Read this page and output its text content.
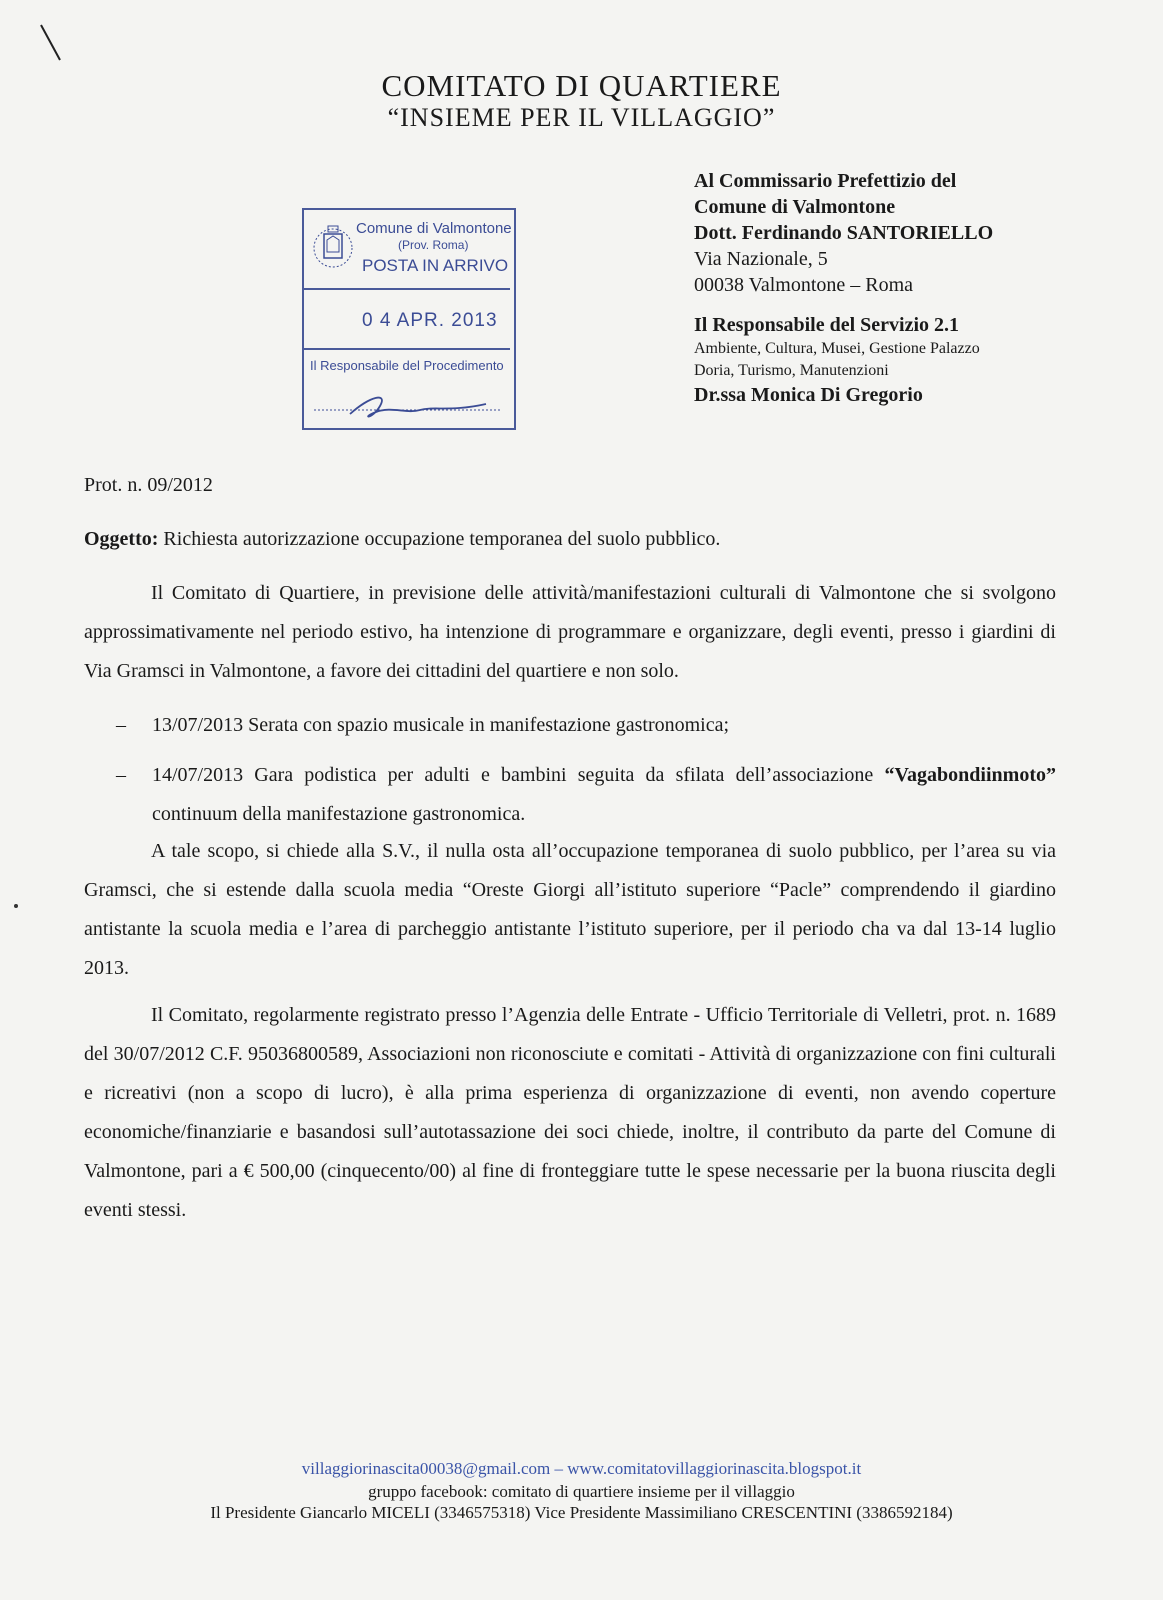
COMITATO DI QUARTIERE
“INSIEME PER IL VILLAGGIO”
Comune di Valmontone
(Prov. Roma)
POSTA IN ARRIVO
0 4 APR. 2013
Il Responsabile del Procedimento
Al Commissario Prefettizio del
Comune di Valmontone
Dott. Ferdinando SANTORIELLO
Via Nazionale, 5
00038 Valmontone – Roma
Il Responsabile del Servizio 2.1
Ambiente, Cultura, Musei, Gestione Palazzo
Doria, Turismo, Manutenzioni
Dr.ssa Monica Di Gregorio
Prot. n. 09/2012
Oggetto: Richiesta autorizzazione occupazione temporanea del suolo pubblico.
Il Comitato di Quartiere, in previsione delle attività/manifestazioni culturali di Valmontone che si svolgono approssimativamente nel periodo estivo, ha intenzione di programmare e organizzare, degli eventi, presso i giardini di Via Gramsci in Valmontone, a favore dei cittadini del quartiere e non solo.
– 13/07/2013 Serata con spazio musicale in manifestazione gastronomica;
– 14/07/2013 Gara podistica per adulti e bambini seguita da sfilata dell’associazione “Vagabondiinmoto” continuum della manifestazione gastronomica.
A tale scopo, si chiede alla S.V., il nulla osta all’occupazione temporanea di suolo pubblico, per l’area su via Gramsci, che si estende dalla scuola media “Oreste Giorgi all’istituto superiore “Pacle” comprendendo il giardino antistante la scuola media e l’area di parcheggio antistante l’istituto superiore, per il periodo cha va dal 13-14 luglio 2013.
Il Comitato, regolarmente registrato presso l’Agenzia delle Entrate - Ufficio Territoriale di Velletri, prot. n. 1689 del 30/07/2012 C.F. 95036800589, Associazioni non riconosciute e comitati - Attività di organizzazione con fini culturali e ricreativi (non a scopo di lucro), è alla prima esperienza di organizzazione di eventi, non avendo coperture economiche/finanziarie e basandosi sull’autotassazione dei soci chiede, inoltre, il contributo da parte del Comune di Valmontone, pari a € 500,00 (cinquecento/00) al fine di fronteggiare tutte le spese necessarie per la buona riuscita degli eventi stessi.
villaggiorinascita00038@gmail.com – www.comitatovillaggiorinascita.blogspot.it
gruppo facebook: comitato di quartiere insieme per il villaggio
Il Presidente Giancarlo MICELI (3346575318) Vice Presidente Massimiliano CRESCENTINI (3386592184)
